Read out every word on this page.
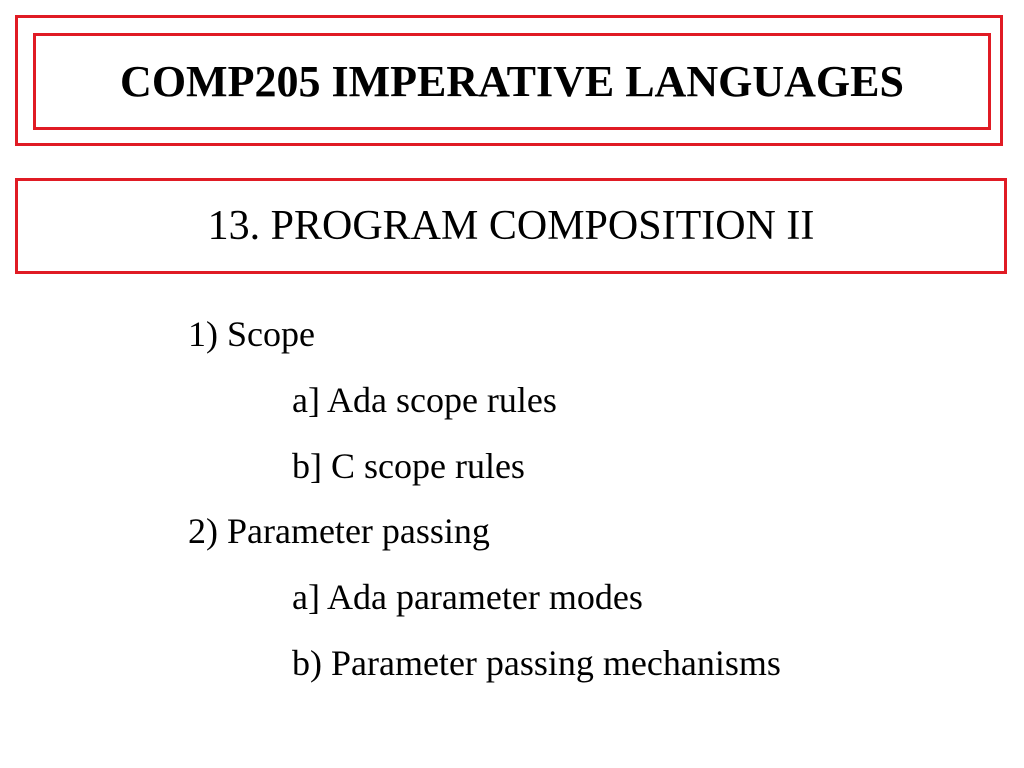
COMP205 IMPERATIVE LANGUAGES
13. PROGRAM COMPOSITION II
1) Scope
a] Ada scope rules
b] C scope rules
2) Parameter passing
a] Ada parameter modes
b) Parameter passing mechanisms
